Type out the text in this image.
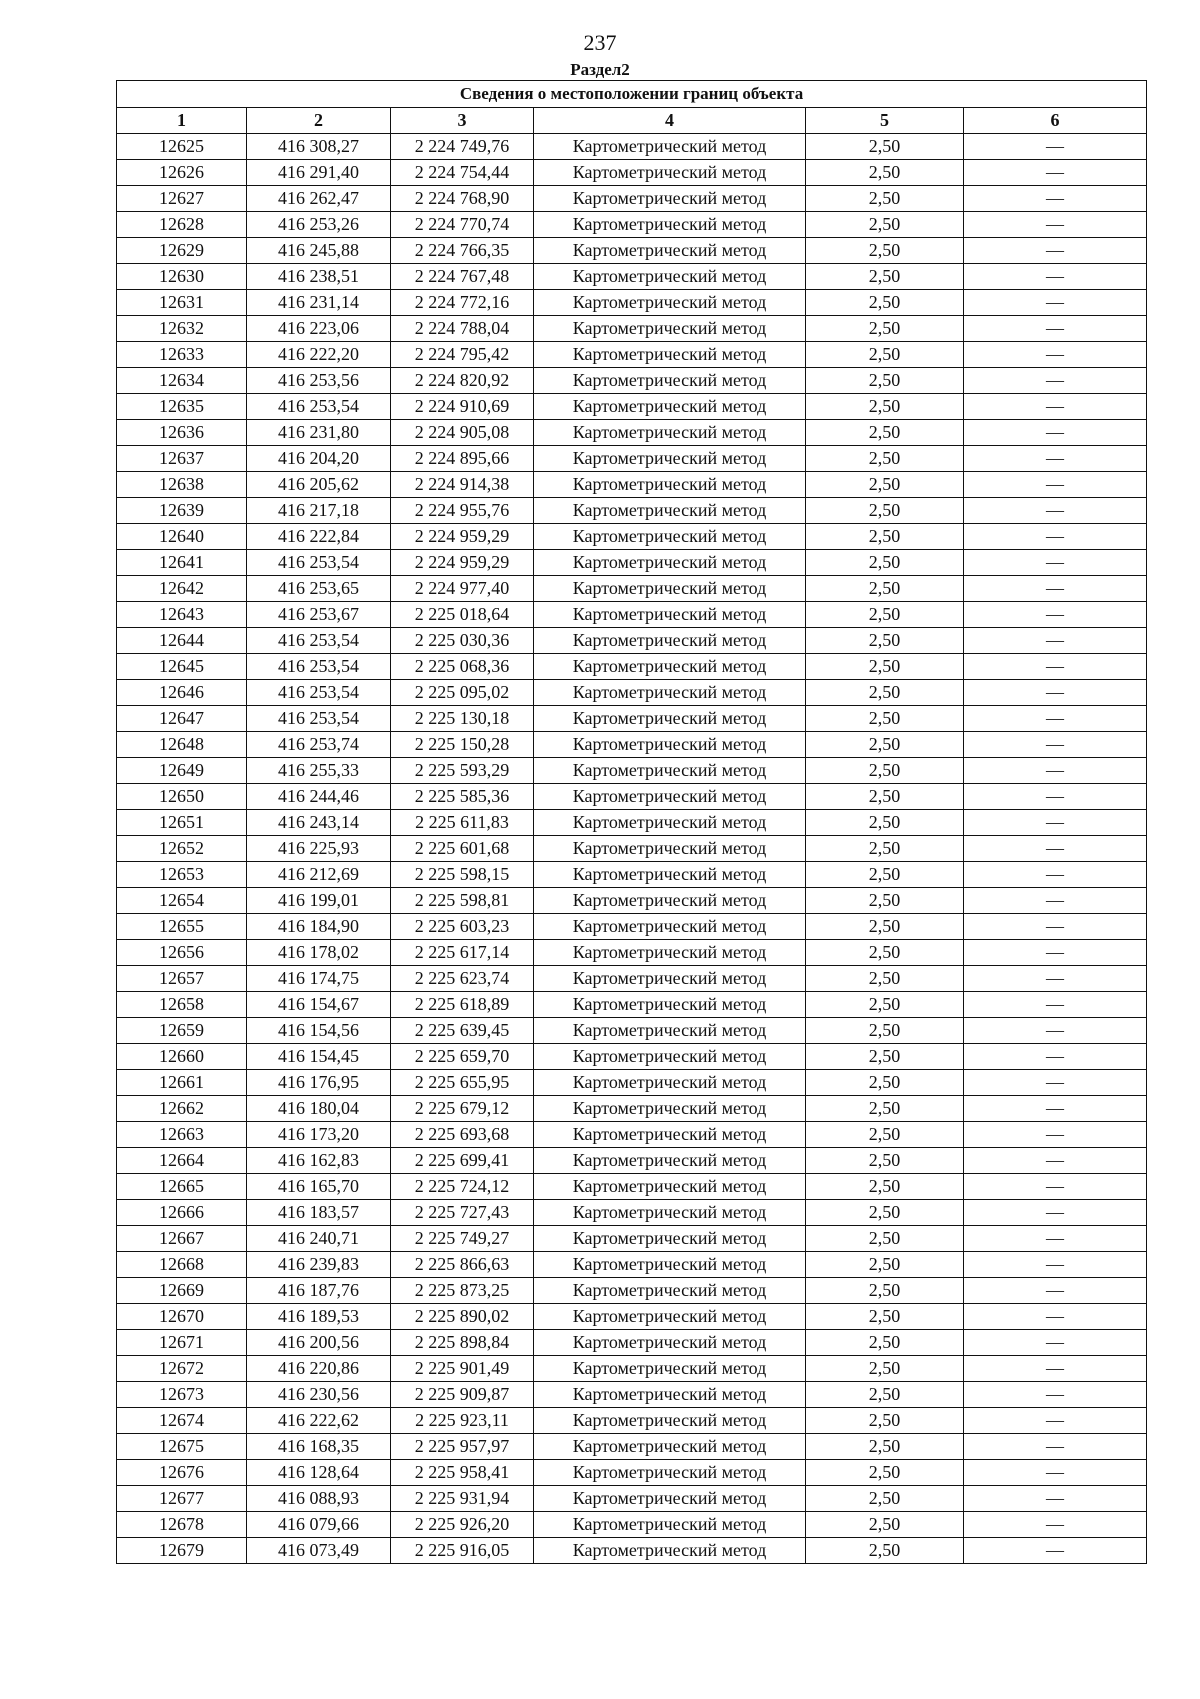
237
Раздел2
Сведения о местоположении границ объекта					
1	2	3	4	5	6
12625	416 308,27	2 224 749,76	Картометрический метод	2,50	—
12626	416 291,40	2 224 754,44	Картометрический метод	2,50	—
12627	416 262,47	2 224 768,90	Картометрический метод	2,50	—
12628	416 253,26	2 224 770,74	Картометрический метод	2,50	—
12629	416 245,88	2 224 766,35	Картометрический метод	2,50	—
12630	416 238,51	2 224 767,48	Картометрический метод	2,50	—
12631	416 231,14	2 224 772,16	Картометрический метод	2,50	—
12632	416 223,06	2 224 788,04	Картометрический метод	2,50	—
12633	416 222,20	2 224 795,42	Картометрический метод	2,50	—
12634	416 253,56	2 224 820,92	Картометрический метод	2,50	—
12635	416 253,54	2 224 910,69	Картометрический метод	2,50	—
12636	416 231,80	2 224 905,08	Картометрический метод	2,50	—
12637	416 204,20	2 224 895,66	Картометрический метод	2,50	—
12638	416 205,62	2 224 914,38	Картометрический метод	2,50	—
12639	416 217,18	2 224 955,76	Картометрический метод	2,50	—
12640	416 222,84	2 224 959,29	Картометрический метод	2,50	—
12641	416 253,54	2 224 959,29	Картометрический метод	2,50	—
12642	416 253,65	2 224 977,40	Картометрический метод	2,50	—
12643	416 253,67	2 225 018,64	Картометрический метод	2,50	—
12644	416 253,54	2 225 030,36	Картометрический метод	2,50	—
12645	416 253,54	2 225 068,36	Картометрический метод	2,50	—
12646	416 253,54	2 225 095,02	Картометрический метод	2,50	—
12647	416 253,54	2 225 130,18	Картометрический метод	2,50	—
12648	416 253,74	2 225 150,28	Картометрический метод	2,50	—
12649	416 255,33	2 225 593,29	Картометрический метод	2,50	—
12650	416 244,46	2 225 585,36	Картометрический метод	2,50	—
12651	416 243,14	2 225 611,83	Картометрический метод	2,50	—
12652	416 225,93	2 225 601,68	Картометрический метод	2,50	—
12653	416 212,69	2 225 598,15	Картометрический метод	2,50	—
12654	416 199,01	2 225 598,81	Картометрический метод	2,50	—
12655	416 184,90	2 225 603,23	Картометрический метод	2,50	—
12656	416 178,02	2 225 617,14	Картометрический метод	2,50	—
12657	416 174,75	2 225 623,74	Картометрический метод	2,50	—
12658	416 154,67	2 225 618,89	Картометрический метод	2,50	—
12659	416 154,56	2 225 639,45	Картометрический метод	2,50	—
12660	416 154,45	2 225 659,70	Картометрический метод	2,50	—
12661	416 176,95	2 225 655,95	Картометрический метод	2,50	—
12662	416 180,04	2 225 679,12	Картометрический метод	2,50	—
12663	416 173,20	2 225 693,68	Картометрический метод	2,50	—
12664	416 162,83	2 225 699,41	Картометрический метод	2,50	—
12665	416 165,70	2 225 724,12	Картометрический метод	2,50	—
12666	416 183,57	2 225 727,43	Картометрический метод	2,50	—
12667	416 240,71	2 225 749,27	Картометрический метод	2,50	—
12668	416 239,83	2 225 866,63	Картометрический метод	2,50	—
12669	416 187,76	2 225 873,25	Картометрический метод	2,50	—
12670	416 189,53	2 225 890,02	Картометрический метод	2,50	—
12671	416 200,56	2 225 898,84	Картометрический метод	2,50	—
12672	416 220,86	2 225 901,49	Картометрический метод	2,50	—
12673	416 230,56	2 225 909,87	Картометрический метод	2,50	—
12674	416 222,62	2 225 923,11	Картометрический метод	2,50	—
12675	416 168,35	2 225 957,97	Картометрический метод	2,50	—
12676	416 128,64	2 225 958,41	Картометрический метод	2,50	—
12677	416 088,93	2 225 931,94	Картометрический метод	2,50	—
12678	416 079,66	2 225 926,20	Картометрический метод	2,50	—
12679	416 073,49	2 225 916,05	Картометрический метод	2,50	—
